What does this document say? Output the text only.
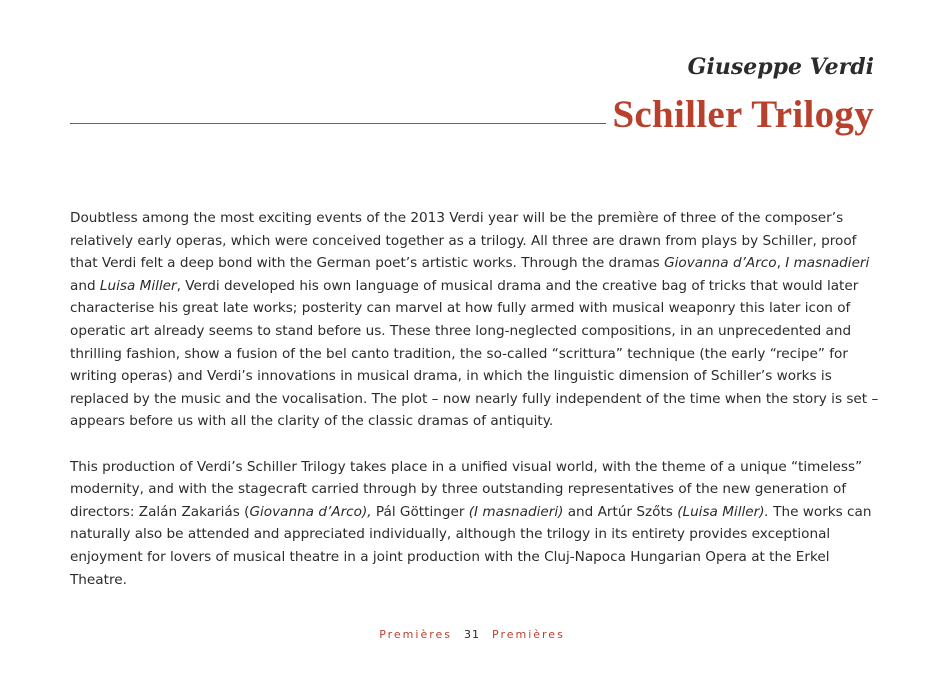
Giuseppe Verdi
Schiller Trilogy

Doubtless among the most exciting events of the 2013 Verdi year will be the première of three of the composer’s relatively early operas, which were conceived together as a trilogy. All three are drawn from plays by Schiller, proof that Verdi felt a deep bond with the German poet’s artistic works. Through the dramas Giovanna d’Arco, I masnadieri and Luisa Miller, Verdi developed his own language of musical drama and the creative bag of tricks that would later characterise his great late works; posterity can marvel at how fully armed with musical weaponry this later icon of operatic art already seems to stand before us. These three long-neglected compositions, in an unprecedented and thrilling fashion, show a fusion of the bel canto tradition, the so-called “scrittura” technique (the early “recipe” for writing operas) and Verdi’s innovations in musical drama, in which the linguistic dimension of Schiller’s works is replaced by the music and the vocalisation. The plot – now nearly fully independent of the time when the story is set – appears before us with all the clarity of the classic dramas of antiquity.

This production of Verdi’s Schiller Trilogy takes place in a unified visual world, with the theme of a unique “timeless” modernity, and with the stagecraft carried through by three outstanding representatives of the new generation of directors: Zalán Zakariás (Giovanna d’Arco), Pál Göttinger (I masnadieri) and Artúr Szőts (Luisa Miller). The works can naturally also be attended and appreciated individually, although the trilogy in its entirety provides exceptional enjoyment for lovers of musical theatre in a joint production with the Cluj-Napoca Hungarian Opera at the Erkel Theatre.

Premières 31 Premières
